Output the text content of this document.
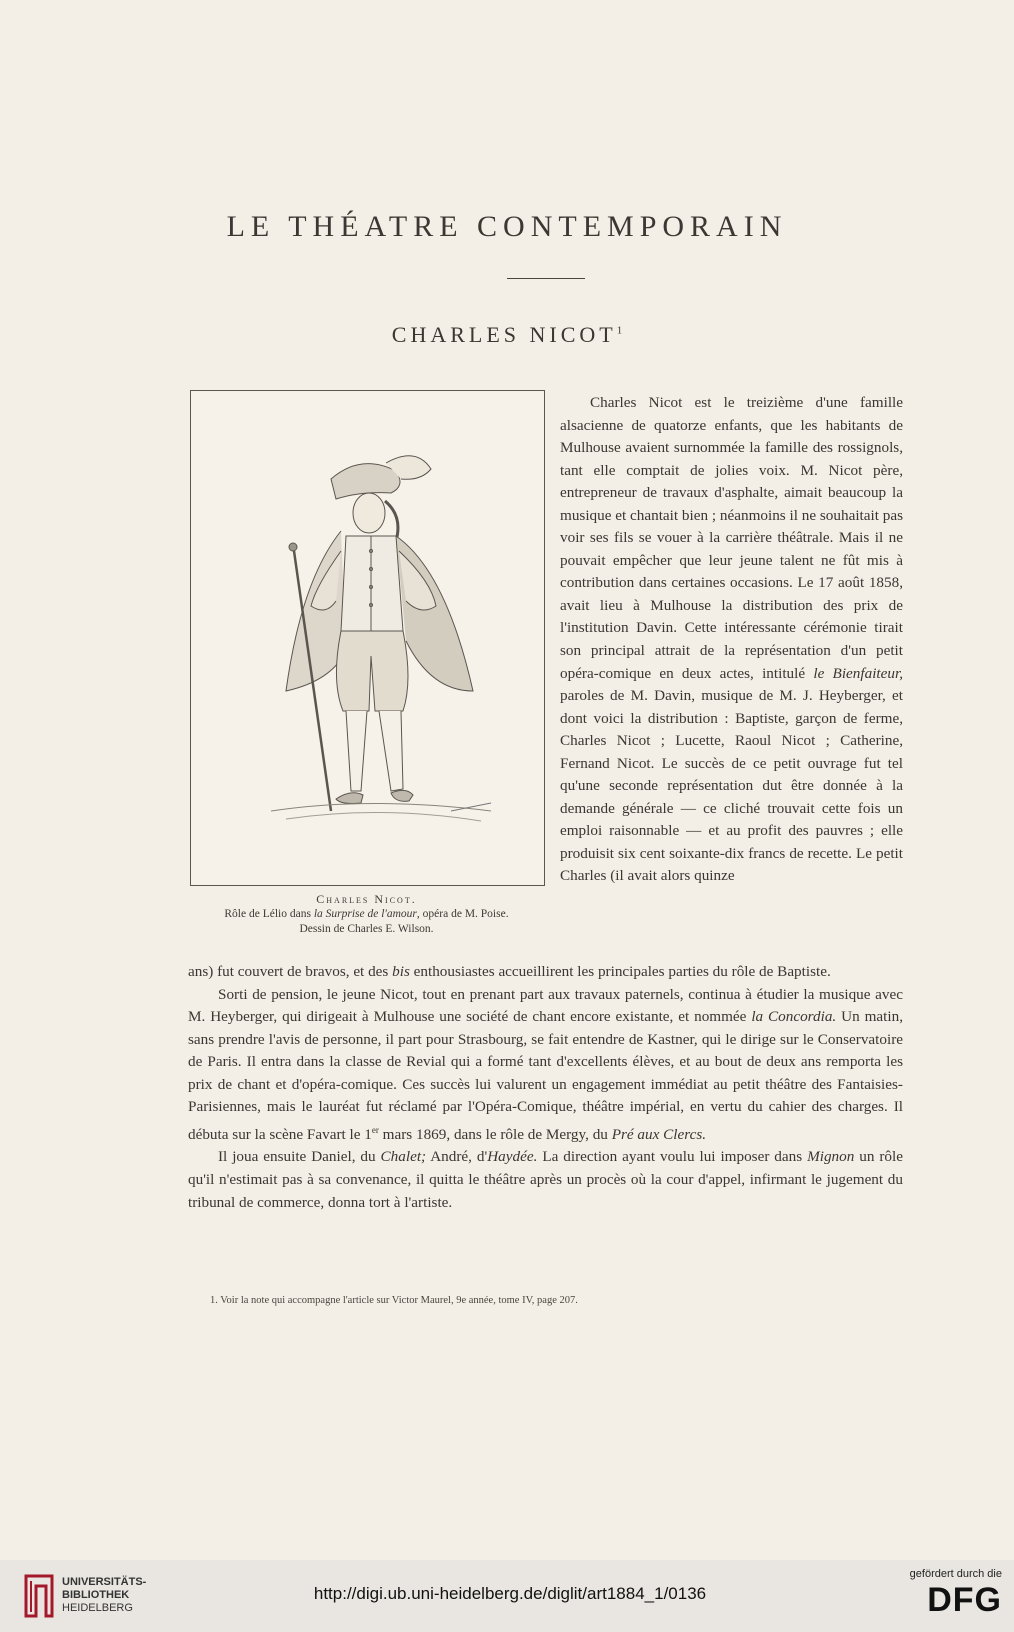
LE THÉATRE CONTEMPORAIN
CHARLES NICOT$^1$
Charles Nicot.
Rôle de Lélio dans la Surprise de l'amour, opéra de M. Poise.
Dessin de Charles E. Wilson.

Charles Nicot est le treizième d'une famille alsacienne de quatorze enfants, que les habitants de Mulhouse avaient surnommée la famille des rossignols, tant elle comptait de jolies voix. M. Nicot père, entrepreneur de travaux d'asphalte, aimait beaucoup la musique et chantait bien ; néanmoins il ne souhaitait pas voir ses fils se vouer à la carrière théâtrale. Mais il ne pouvait empêcher que leur jeune talent ne fût mis à contribution dans certaines occasions. Le 17 août 1858, avait lieu à Mulhouse la distribution des prix de l'institution Davin. Cette intéressante cérémonie tirait son principal attrait de la représentation d'un petit opéra-comique en deux actes, intitulé le Bienfaiteur, paroles de M. Davin, musique de M. J. Heyberger, et dont voici la distribution : Baptiste, garçon de ferme, Charles Nicot ; Lucette, Raoul Nicot ; Catherine, Fernand Nicot. Le succès de ce petit ouvrage fut tel qu'une seconde représentation dut être donnée à la demande générale — ce cliché trouvait cette fois un emploi raisonnable — et au profit des pauvres ; elle produisit six cent soixante-dix francs de recette. Le petit Charles (il avait alors quinze

ans) fut couvert de bravos, et des bis enthousiastes accueillirent les principales parties du rôle de Baptiste.

Sorti de pension, le jeune Nicot, tout en prenant part aux travaux paternels, continua à étudier la musique avec M. Heyberger, qui dirigeait à Mulhouse une société de chant encore existante, et nommée la Concordia. Un matin, sans prendre l'avis de personne, il part pour Strasbourg, se fait entendre de Kastner, qui le dirige sur le Conservatoire de Paris. Il entra dans la classe de Revial qui a formé tant d'excellents élèves, et au bout de deux ans remporta les prix de chant et d'opéra-comique. Ces succès lui valurent un engagement immédiat au petit théâtre des Fantaisies-Parisiennes, mais le lauréat fut réclamé par l'Opéra-Comique, théâtre impérial, en vertu du cahier des charges. Il débuta sur la scène Favart le 1er mars 1869, dans le rôle de Mergy, du Pré aux Clercs.

Il joua ensuite Daniel, du Chalet; André, d'Haydée. La direction ayant voulu lui imposer dans Mignon un rôle qu'il n'estimait pas à sa convenance, il quitta le théâtre après un procès où la cour d'appel, infirmant le jugement du tribunal de commerce, donna tort à l'artiste.

1. Voir la note qui accompagne l'article sur Victor Maurel, 9e année, tome IV, page 207.
UNIVERSITÄTS-
BIBLIOTHEK
HEIDELBERG
http://digi.ub.uni-heidelberg.de/diglit/art1884_1/0136
gefördert durch die
DFG
